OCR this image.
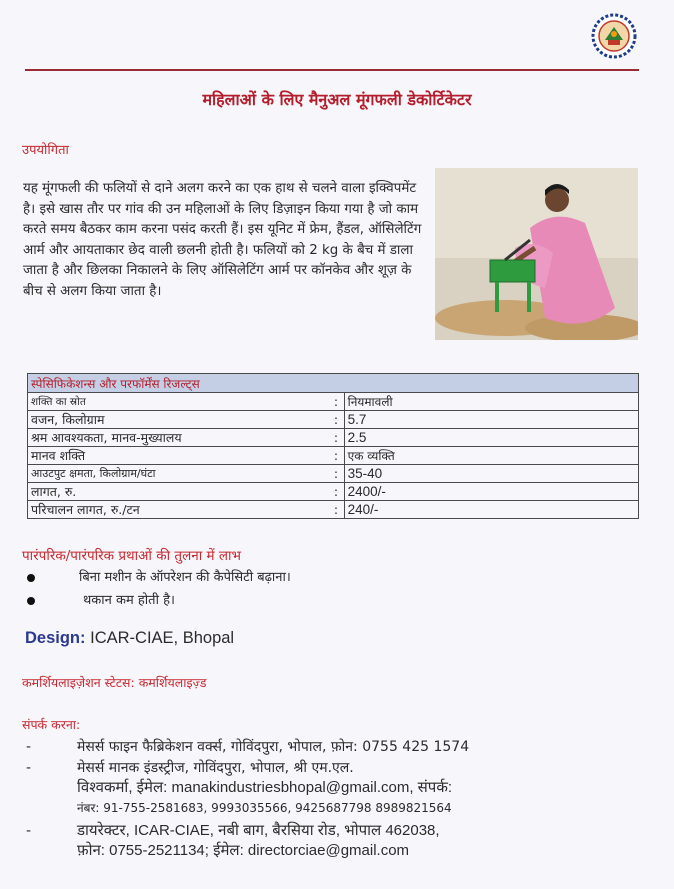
महिलाओं के लिए मैनुअल मूंगफली डेकोर्टिकेटर
उपयोगिता
यह मूंगफली की फलियों से दाने अलग करने का एक हाथ से चलने वाला इक्विपमेंट है। इसे खास तौर पर गांव की उन महिलाओं के लिए डिज़ाइन किया गया है जो काम करते समय बैठकर काम करना पसंद करती हैं। इस यूनिट में फ्रेम, हैंडल, ऑसिलेटिंग आर्म और आयताकार छेद वाली छलनी होती है। फलियों को 2 kg के बैच में डाला जाता है और छिलका निकालने के लिए ऑसिलेटिंग आर्म पर कॉनकेव और शूज़ के बीच से अलग किया जाता है।
स्पेसिफिकेशन्स और परफॉर्मेंस रिजल्ट्स		
शक्ति का स्रोत	:	नियमावली
वजन, किलोग्राम	:	5.7
श्रम आवश्यकता, मानव-मुख्यालय	:	2.5
मानव शक्ति	:	एक व्यक्ति
आउटपुट क्षमता, किलोग्राम/घंटा	:	35-40
लागत, रु.	:	2400/-
परिचालन लागत, रु./टन	:	240/-
पारंपरिक/पारंपरिक प्रथाओं की तुलना में लाभ
बिना मशीन के ऑपरेशन की कैपेसिटी बढ़ाना।
थकान कम होती है।
Design: ICAR-CIAE, Bhopal
कमर्शियलाइज़ेशन स्टेटस: कमर्शियलाइज़्ड
संपर्क करना:
-	मेसर्स फाइन फैब्रिकेशन वर्क्स, गोविंदपुरा, भोपाल, फ़ोन: 0755 425 1574
-	मेसर्स मानक इंडस्ट्रीज, गोविंदपुरा, भोपाल, श्री एम.एल.
विश्वकर्मा, ईमेल: manakindustriesbhopal@gmail.com, संपर्क:
नंबर: 91-755-2581683, 9993035566, 9425687798 8989821564
-	डायरेक्टर, ICAR-CIAE, नबी बाग, बैरसिया रोड, भोपाल 462038,
फ़ोन: 0755-2521134; ईमेल: directorciae@gmail.com
